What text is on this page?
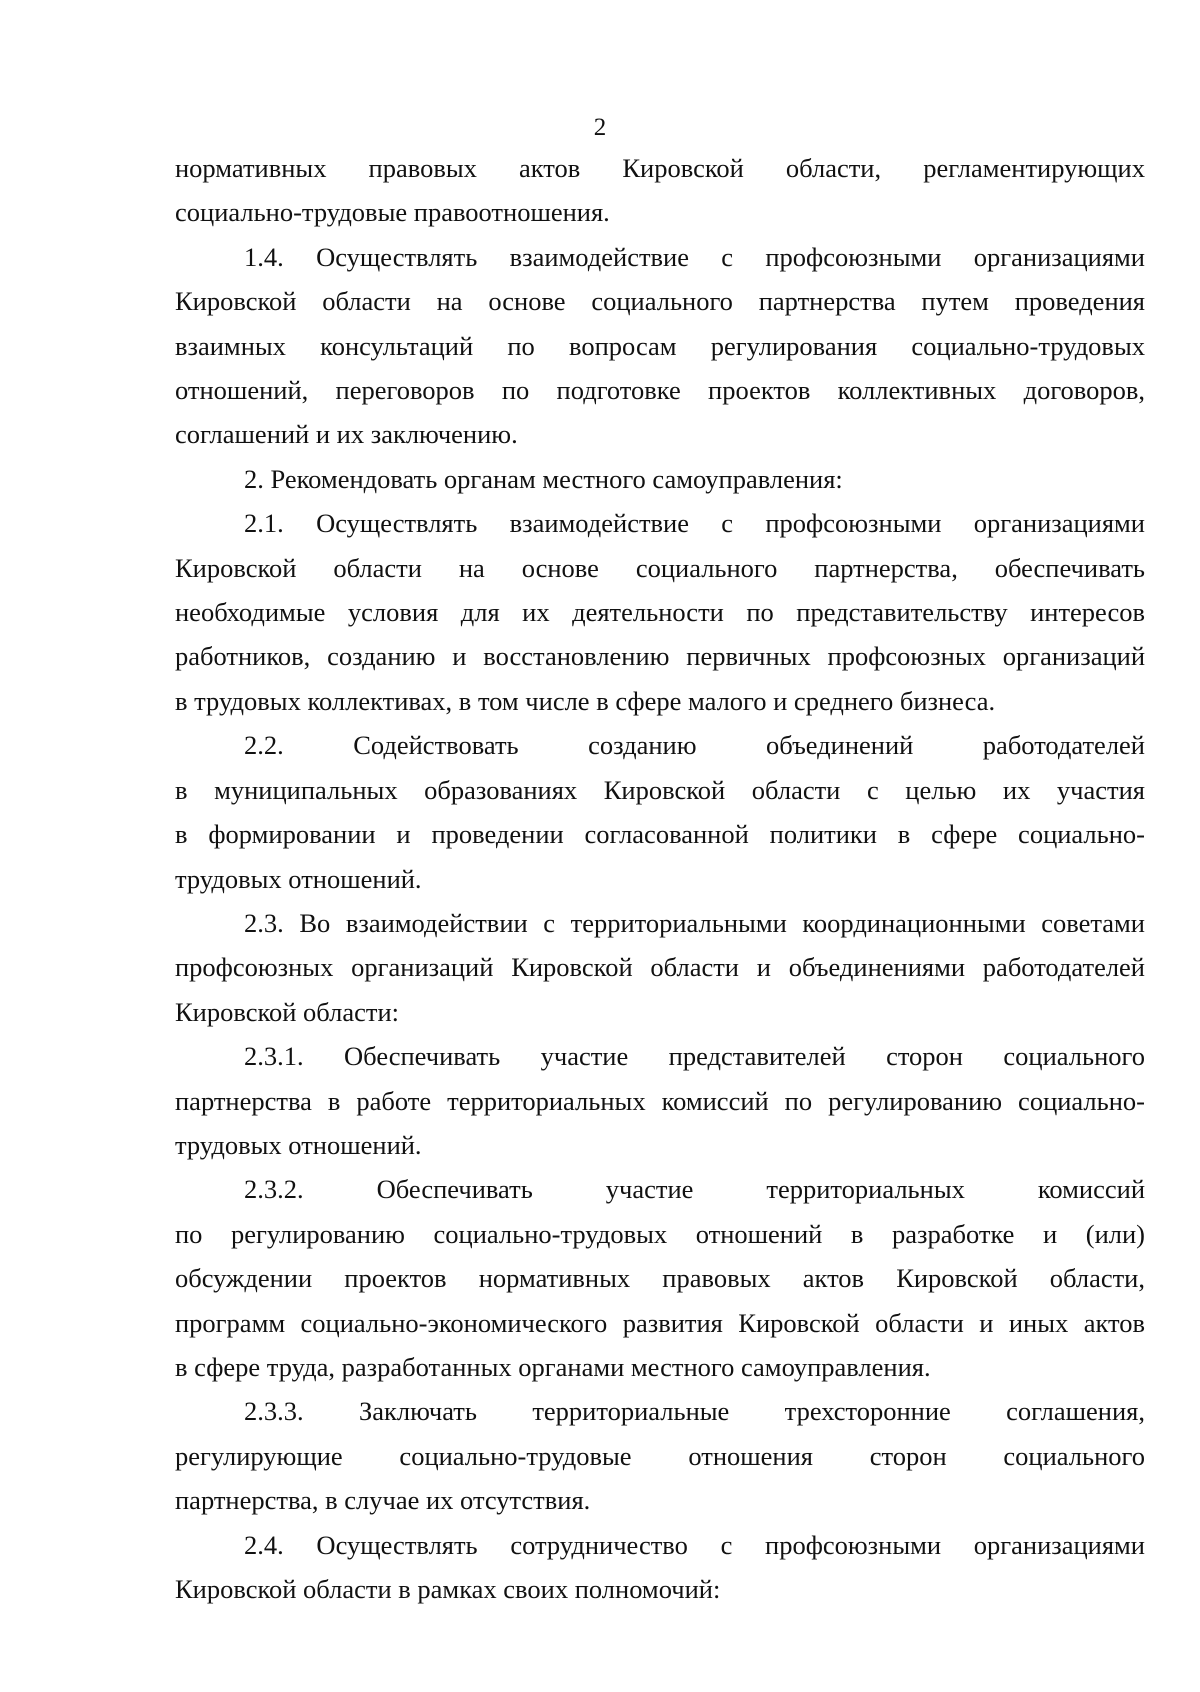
2

нормативных правовых актов Кировской области, регламентирующих
социально-трудовые правоотношения.

1.4. Осуществлять взаимодействие с профсоюзными организациями
Кировской области на основе социального партнерства путем проведения
взаимных консультаций по вопросам регулирования социально-трудовых
отношений, переговоров по подготовке проектов коллективных договоров,
соглашений и их заключению.

2. Рекомендовать органам местного самоуправления:

2.1. Осуществлять взаимодействие с профсоюзными организациями
Кировской области на основе социального партнерства, обеспечивать
необходимые условия для их деятельности по представительству интересов
работников, созданию и восстановлению первичных профсоюзных организаций
в трудовых коллективах, в том числе в сфере малого и среднего бизнеса.

2.2. Содействовать созданию объединений работодателей
в муниципальных образованиях Кировской области с целью их участия
в формировании и проведении согласованной политики в сфере социально-
трудовых отношений.

2.3. Во взаимодействии с территориальными координационными советами
профсоюзных организаций Кировской области и объединениями работодателей
Кировской области:

2.3.1. Обеспечивать участие представителей сторон социального
партнерства в работе территориальных комиссий по регулированию социально-
трудовых отношений.

2.3.2. Обеспечивать участие территориальных комиссий
по регулированию социально-трудовых отношений в разработке и (или)
обсуждении проектов нормативных правовых актов Кировской области,
программ социально-экономического развития Кировской области и иных актов
в сфере труда, разработанных органами местного самоуправления.

2.3.3. Заключать территориальные трехсторонние соглашения,
регулирующие социально-трудовые отношения сторон социального
партнерства, в случае их отсутствия.

2.4. Осуществлять сотрудничество с профсоюзными организациями
Кировской области в рамках своих полномочий:
